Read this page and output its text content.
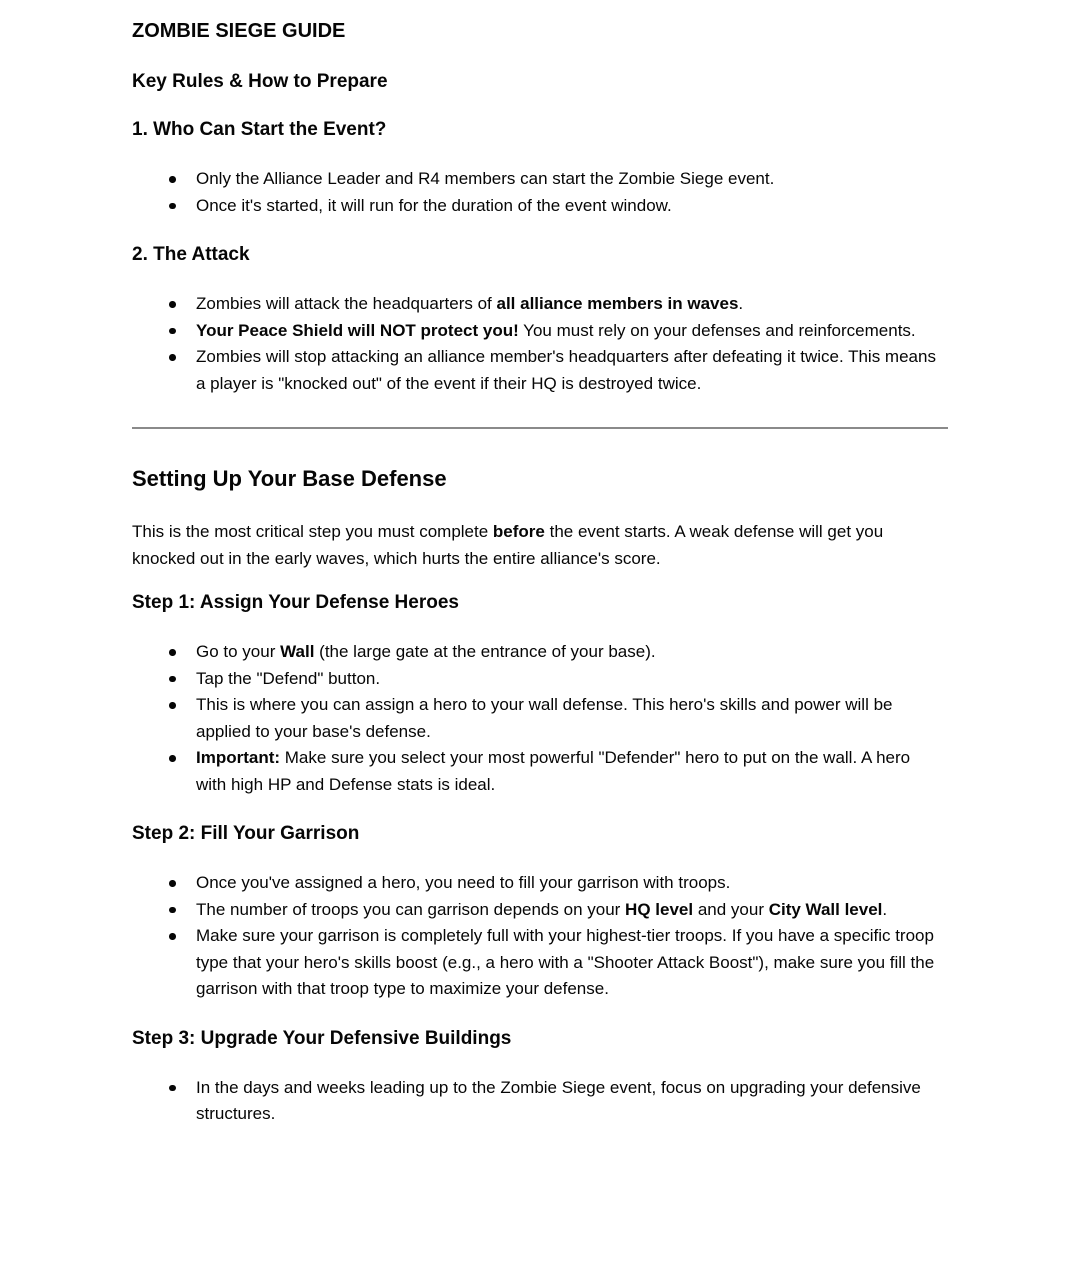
ZOMBIE SIEGE GUIDE
Key Rules & How to Prepare
1. Who Can Start the Event?
Only the Alliance Leader and R4 members can start the Zombie Siege event.
Once it's started, it will run for the duration of the event window.
2. The Attack
Zombies will attack the headquarters of all alliance members in waves.
Your Peace Shield will NOT protect you! You must rely on your defenses and reinforcements.
Zombies will stop attacking an alliance member's headquarters after defeating it twice. This means a player is "knocked out" of the event if their HQ is destroyed twice.
Setting Up Your Base Defense

This is the most critical step you must complete before the event starts. A weak defense will get you knocked out in the early waves, which hurts the entire alliance's score.

Step 1: Assign Your Defense Heroes
Go to your Wall (the large gate at the entrance of your base).
Tap the "Defend" button.
This is where you can assign a hero to your wall defense. This hero's skills and power will be applied to your base's defense.
Important: Make sure you select your most powerful "Defender" hero to put on the wall. A hero with high HP and Defense stats is ideal.
Step 2: Fill Your Garrison
Once you've assigned a hero, you need to fill your garrison with troops.
The number of troops you can garrison depends on your HQ level and your City Wall level.
Make sure your garrison is completely full with your highest-tier troops. If you have a specific troop type that your hero's skills boost (e.g., a hero with a "Shooter Attack Boost"), make sure you fill the garrison with that troop type to maximize your defense.
Step 3: Upgrade Your Defensive Buildings
In the days and weeks leading up to the Zombie Siege event, focus on upgrading your defensive structures.
